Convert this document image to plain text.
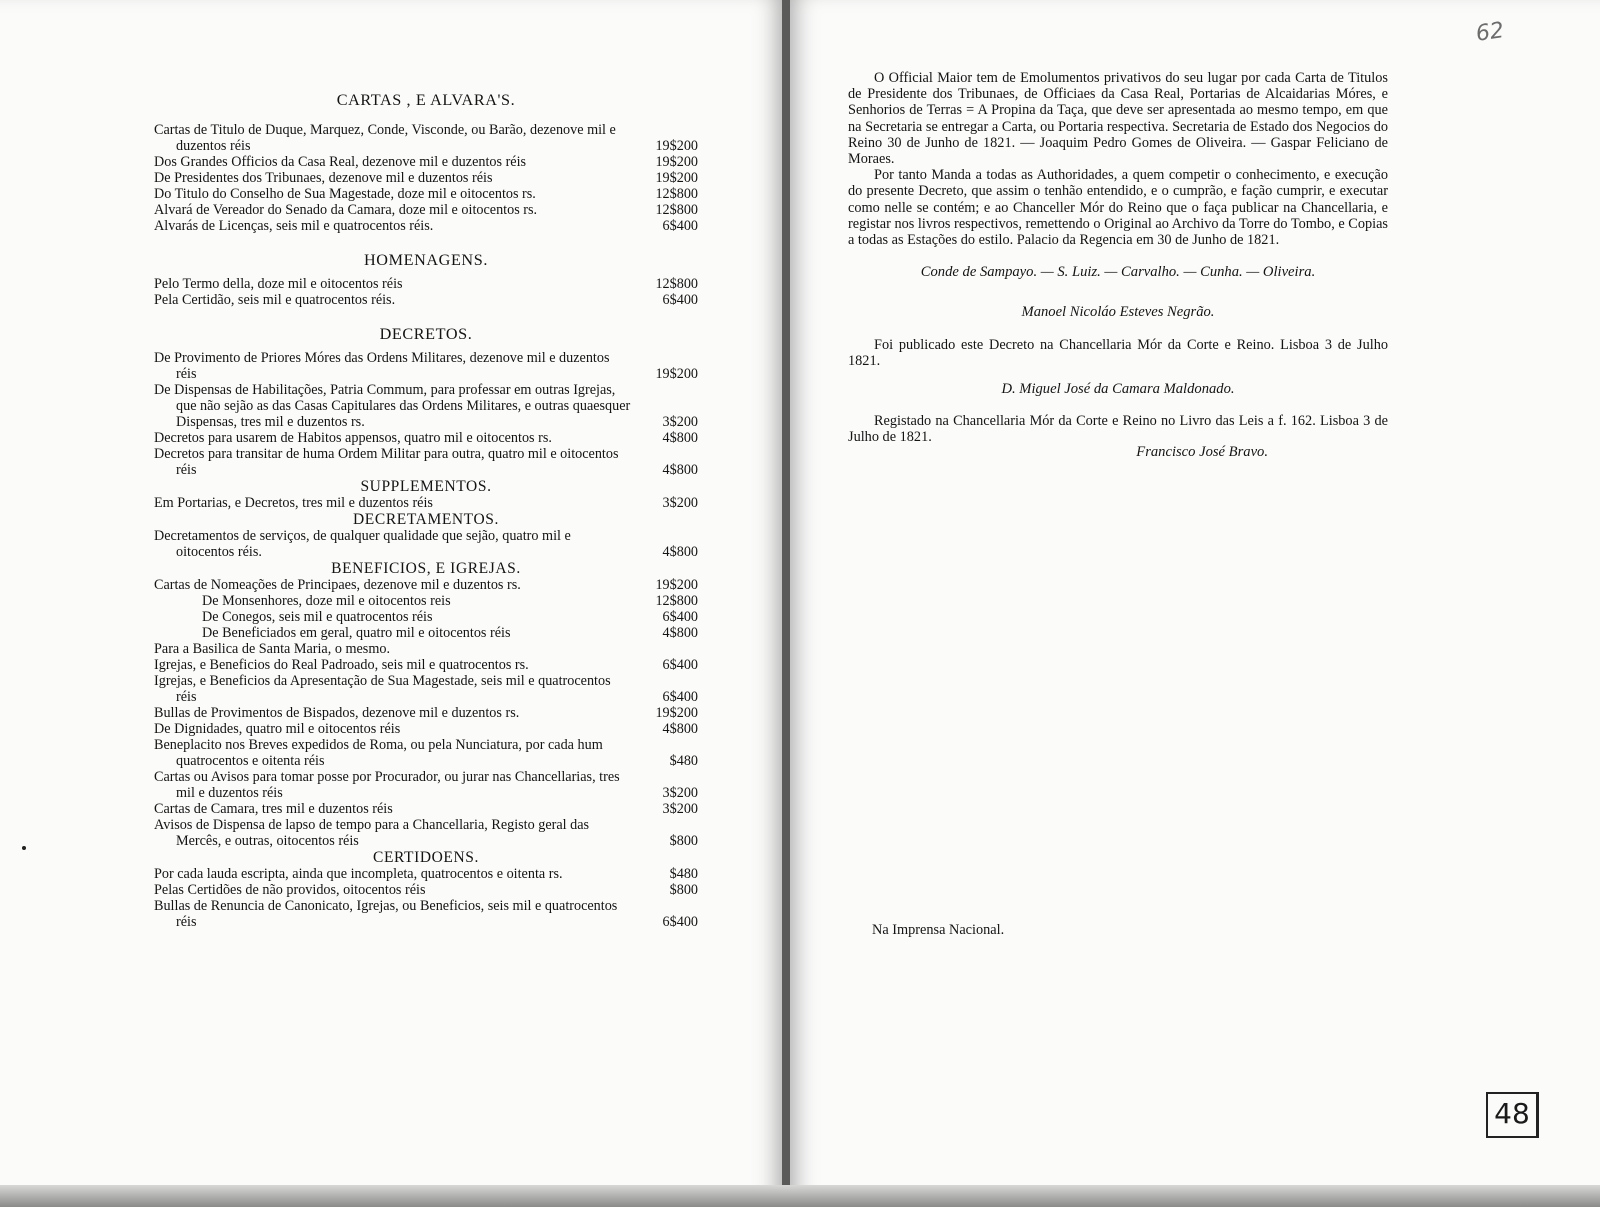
CARTAS , E ALVARA'S.
Cartas de Titulo de Duque, Marquez, Conde, Visconde, ou Barão, dezenove mil e duzentos réis	19$200
Dos Grandes Officios da Casa Real, dezenove mil e duzentos réis	19$200
De Presidentes dos Tribunaes, dezenove mil e duzentos réis	19$200
Do Titulo do Conselho de Sua Magestade, doze mil e oitocentos rs.	12$800
Alvará de Vereador do Senado da Camara, doze mil e oitocentos rs.	12$800
Alvarás de Licenças, seis mil e quatrocentos réis.	6$400
HOMENAGENS.
Pelo Termo della, doze mil e oitocentos réis	12$800
Pela Certidão, seis mil e quatrocentos réis.	6$400
DECRETOS.
De Provimento de Priores Móres das Ordens Militares, dezenove mil e duzentos réis	19$200
De Dispensas de Habilitações, Patria Commum, para professar em outras Igrejas, que não sejão as das Casas Capitulares das Ordens Militares, e outras quaesquer Dispensas, tres mil e duzentos rs.	3$200
Decretos para usarem de Habitos appensos, quatro mil e oitocentos rs.	4$800
Decretos para transitar de huma Ordem Militar para outra, quatro mil e oitocentos réis	4$800
SUPPLEMENTOS.
Em Portarias, e Decretos, tres mil e duzentos réis	3$200
DECRETAMENTOS.
Decretamentos de serviços, de qualquer qualidade que sejão, quatro mil e oitocentos réis.	4$800
BENEFICIOS, E IGREJAS.
Cartas de Nomeações de Principaes, dezenove mil e duzentos rs.	19$200
De Monsenhores, doze mil e oitocentos reis	12$800
De Conegos, seis mil e quatrocentos réis	6$400
De Beneficiados em geral, quatro mil e oitocentos réis	4$800
Para a Basilica de Santa Maria, o mesmo.
Igrejas, e Beneficios do Real Padroado, seis mil e quatrocentos rs.	6$400
Igrejas, e Beneficios da Apresentação de Sua Magestade, seis mil e quatrocentos réis	6$400
Bullas de Provimentos de Bispados, dezenove mil e duzentos rs.	19$200
De Dignidades, quatro mil e oitocentos réis	4$800
Beneplacito nos Breves expedidos de Roma, ou pela Nunciatura, por cada hum quatrocentos e oitenta réis	$480
Cartas ou Avisos para tomar posse por Procurador, ou jurar nas Chancellarias, tres mil e duzentos réis	3$200
Cartas de Camara, tres mil e duzentos réis	3$200
Avisos de Dispensa de lapso de tempo para a Chancellaria, Registo geral das Mercês, e outras, oitocentos réis	$800
CERTIDOENS.
Por cada lauda escripta, ainda que incompleta, quatrocentos e oitenta rs.	$480
Pelas Certidões de não providos, oitocentos réis	$800
Bullas de Renuncia de Canonicato, Igrejas, ou Beneficios, seis mil e quatrocentos réis	6$400

O Official Maior tem de Emolumentos privativos do seu lugar por cada Carta de Titulos de Presidente dos Tribunaes, de Officiaes da Casa Real, Portarias de Alcaidarias Móres, e Senhorios de Terras = A Propina da Taça, que deve ser apresentada ao mesmo tempo, em que na Secretaria se entregar a Carta, ou Portaria respectiva. Secretaria de Estado dos Negocios do Reino 30 de Junho de 1821. — Joaquim Pedro Gomes de Oliveira. — Gaspar Feliciano de Moraes.

Por tanto Manda a todas as Authoridades, a quem competir o conhecimento, e execução do presente Decreto, que assim o tenhão entendido, e o cumprão, e fação cumprir, e executar como nelle se contém; e ao Chanceller Mór do Reino que o faça publicar na Chancellaria, e registar nos livros respectivos, remettendo o Original ao Archivo da Torre do Tombo, e Copias a todas as Estações do estilo. Palacio da Regencia em 30 de Junho de 1821.

Conde de Sampayo. — S. Luiz. — Carvalho. — Cunha. — Oliveira.
Manoel Nicoláo Esteves Negrão.

Foi publicado este Decreto na Chancellaria Mór da Corte e Reino. Lisboa 3 de Julho 1821.

D. Miguel José da Camara Maldonado.

Registado na Chancellaria Mór da Corte e Reino no Livro das Leis a f. 162. Lisboa 3 de Julho de 1821.

Francisco José Bravo.
Na Imprensa Nacional.
62
48
